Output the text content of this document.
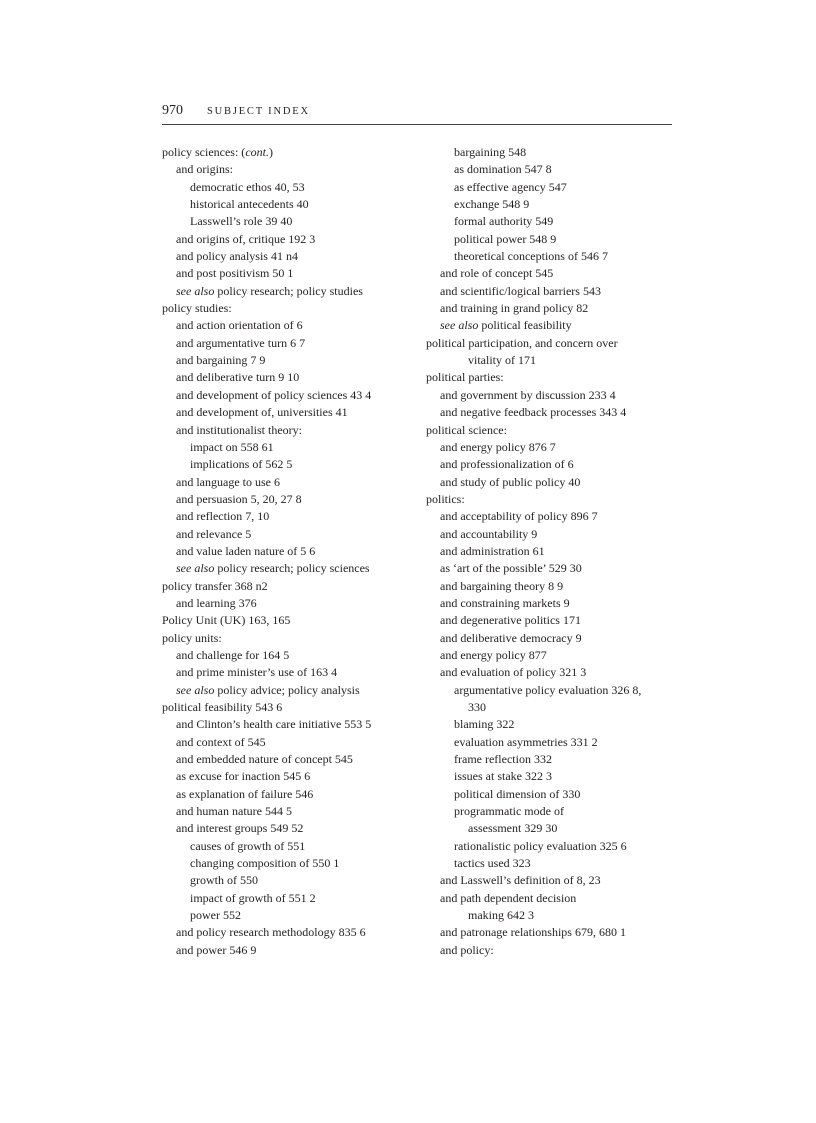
970 SUBJECT INDEX
policy sciences: (cont.)
and origins:
democratic ethos 40, 53
historical antecedents 40
Lasswell’s role 39 40
and origins of, critique 192 3
and policy analysis 41 n4
and post positivism 50 1
see also policy research; policy studies
policy studies:
and action orientation of 6
and argumentative turn 6 7
and bargaining 7 9
and deliberative turn 9 10
and development of policy sciences 43 4
and development of, universities 41
and institutionalist theory:
impact on 558 61
implications of 562 5
and language to use 6
and persuasion 5, 20, 27 8
and reflection 7, 10
and relevance 5
and value laden nature of 5 6
see also policy research; policy sciences
policy transfer 368 n2
and learning 376
Policy Unit (UK) 163, 165
policy units:
and challenge for 164 5
and prime minister’s use of 163 4
see also policy advice; policy analysis
political feasibility 543 6
and Clinton’s health care initiative 553 5
and context of 545
and embedded nature of concept 545
as excuse for inaction 545 6
as explanation of failure 546
and human nature 544 5
and interest groups 549 52
causes of growth of 551
changing composition of 550 1
growth of 550
impact of growth of 551 2
power 552
and policy research methodology 835 6
and power 546 9
bargaining 548
as domination 547 8
as effective agency 547
exchange 548 9
formal authority 549
political power 548 9
theoretical conceptions of 546 7
and role of concept 545
and scientific/logical barriers 543
and training in grand policy 82
see also political feasibility
political participation, and concern over
vitality of 171
political parties:
and government by discussion 233 4
and negative feedback processes 343 4
political science:
and energy policy 876 7
and professionalization of 6
and study of public policy 40
politics:
and acceptability of policy 896 7
and accountability 9
and administration 61
as ‘art of the possible’ 529 30
and bargaining theory 8 9
and constraining markets 9
and degenerative politics 171
and deliberative democracy 9
and energy policy 877
and evaluation of policy 321 3
argumentative policy evaluation 326 8,
330
blaming 322
evaluation asymmetries 331 2
frame reflection 332
issues at stake 322 3
political dimension of 330
programmatic mode of
assessment 329 30
rationalistic policy evaluation 325 6
tactics used 323
and Lasswell’s definition of 8, 23
and path dependent decision
making 642 3
and patronage relationships 679, 680 1
and policy:
